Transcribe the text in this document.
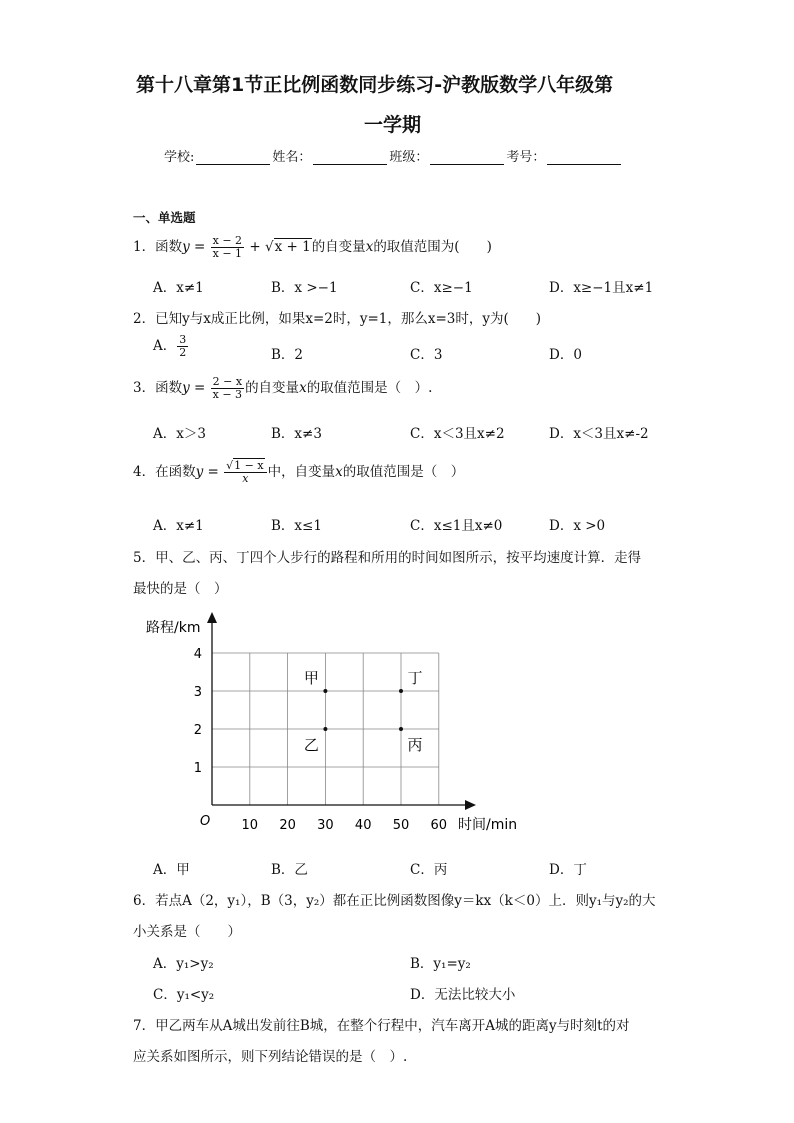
第十八章第1节正比例函数同步练习-沪教版数学八年级第
一学期
学校:	姓名：	班级：	考号：
一、单选题
1．函数$y = \frac{x - 2}{x - 1} + √x + 1$的自变量x的取值范围为(　　)
A．x≠1	B．x >−1	C．x≥−1	D．x≥−1且x≠1
2．已知y与x成正比例，如果x=2时，y=1，那么x=3时，y为(　　)
A． $\frac{3}{2}$	B．2	C．3	D．0
3．函数$y = \frac{2 - x}{x - 3}$ 的自变量x的取值范围是（　）.
A．x＞3	B．x≠3	C．x＜3且x≠2	D．x＜3且x≠-2
4．在函数$y = \frac{√1 - x}{x}$ 中，自变量x的取值范围是（　）
A．x≠1	B．x≤1	C．x≤1且x≠0	D．x >0
5．甲、乙、丙、丁四个人步行的路程和所用的时间如图所示，按平均速度计算．走得
最快的是（　）
路程/km
时间/min
O 10 20 30 40 50 60
1
2
3
4
甲
乙	丙
丁
A．甲	B．乙	C．丙	D．丁
6．若点A（2，y₁），B（3，y₂）都在正比例函数图像y＝kx（k＜0）上．则y₁与y₂的大
小关系是（　　）
A．y₁>y₂	B．y₁=y₂
C．y₁<y₂	D．无法比较大小
7．甲乙两车从A城出发前往B城，在整个行程中，汽车离开A城的距离y与时刻t的对
应关系如图所示，则下列结论错误的是（　）.
